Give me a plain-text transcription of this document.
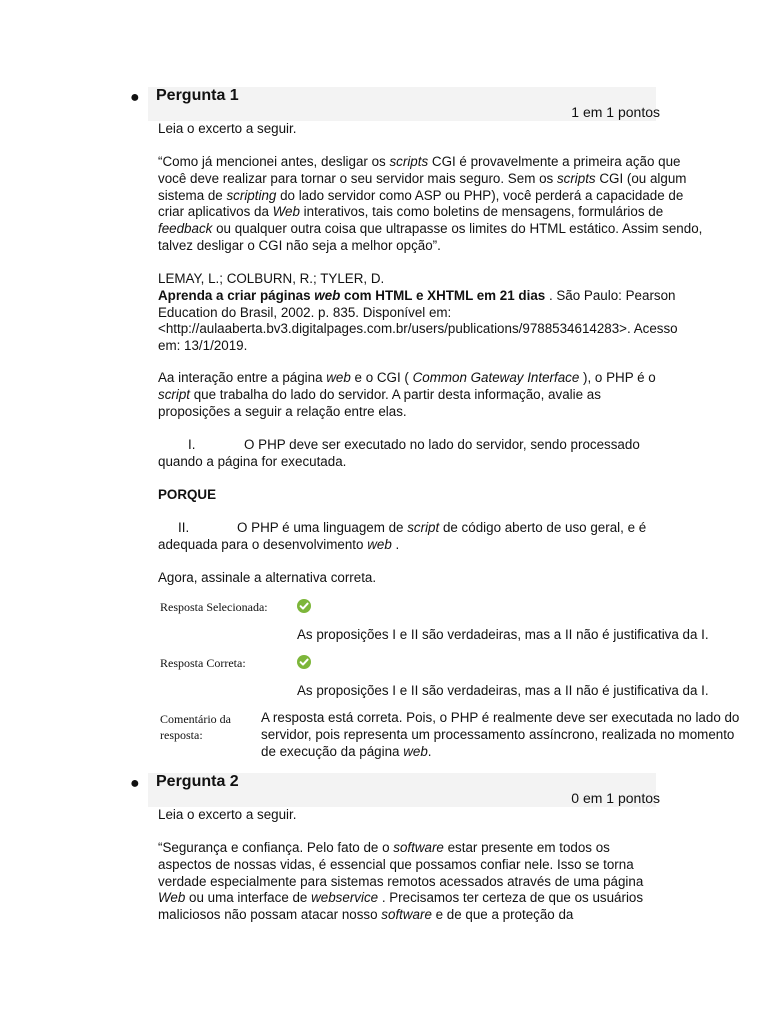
● Pergunta 1
1 em 1 pontos

Leia o excerto a seguir.

“Como já mencionei antes, desligar os scripts CGI é provavelmente a primeira ação que você deve realizar para tornar o seu servidor mais seguro. Sem os scripts CGI (ou algum sistema de scripting do lado servidor como ASP ou PHP), você perderá a capacidade de criar aplicativos da Web interativos, tais como boletins de mensagens, formulários de feedback ou qualquer outra coisa que ultrapasse os limites do HTML estático. Assim sendo, talvez desligar o CGI não seja a melhor opção”.

LEMAY, L.; COLBURN, R.; TYLER, D.

Aprenda a criar páginas web com HTML e XHTML em 21 dias . São Paulo: Pearson Education do Brasil, 2002. p. 835. Disponível em: <http://aulaaberta.bv3.digitalpages.com.br/users/publications/9788534614283>. Acesso em: 13/1/2019.

Aa interação entre a página web e o CGI ( Common Gateway Interface ), o PHP é o script que trabalha do lado do servidor. A partir desta informação, avalie as proposições a seguir a relação entre elas.

I.	O PHP deve ser executado no lado do servidor, sendo processado

quando a página for executada.

PORQUE

II.	O PHP é uma linguagem de script de código aberto de uso geral, e é

adequada para o desenvolvimento web .

Agora, assinale a alternativa correta.

Resposta Selecionada:
As proposições I e II são verdadeiras, mas a II não é justificativa da I.
Resposta Correta:
As proposições I e II são verdadeiras, mas a II não é justificativa da I.

Comentário da

resposta:

A resposta está correta. Pois, o PHP é realmente deve ser executada no lado do servidor, pois representa um processamento assíncrono, realizada no momento de execução da página web.

● Pergunta 2
0 em 1 pontos

Leia o excerto a seguir.

“Segurança e confiança. Pelo fato de o software estar presente em todos os aspectos de nossas vidas, é essencial que possamos confiar nele. Isso se torna verdade especialmente para sistemas remotos acessados através de uma página Web ou uma interface de webservice . Precisamos ter certeza de que os usuários maliciosos não possam atacar nosso software e de que a proteção da
